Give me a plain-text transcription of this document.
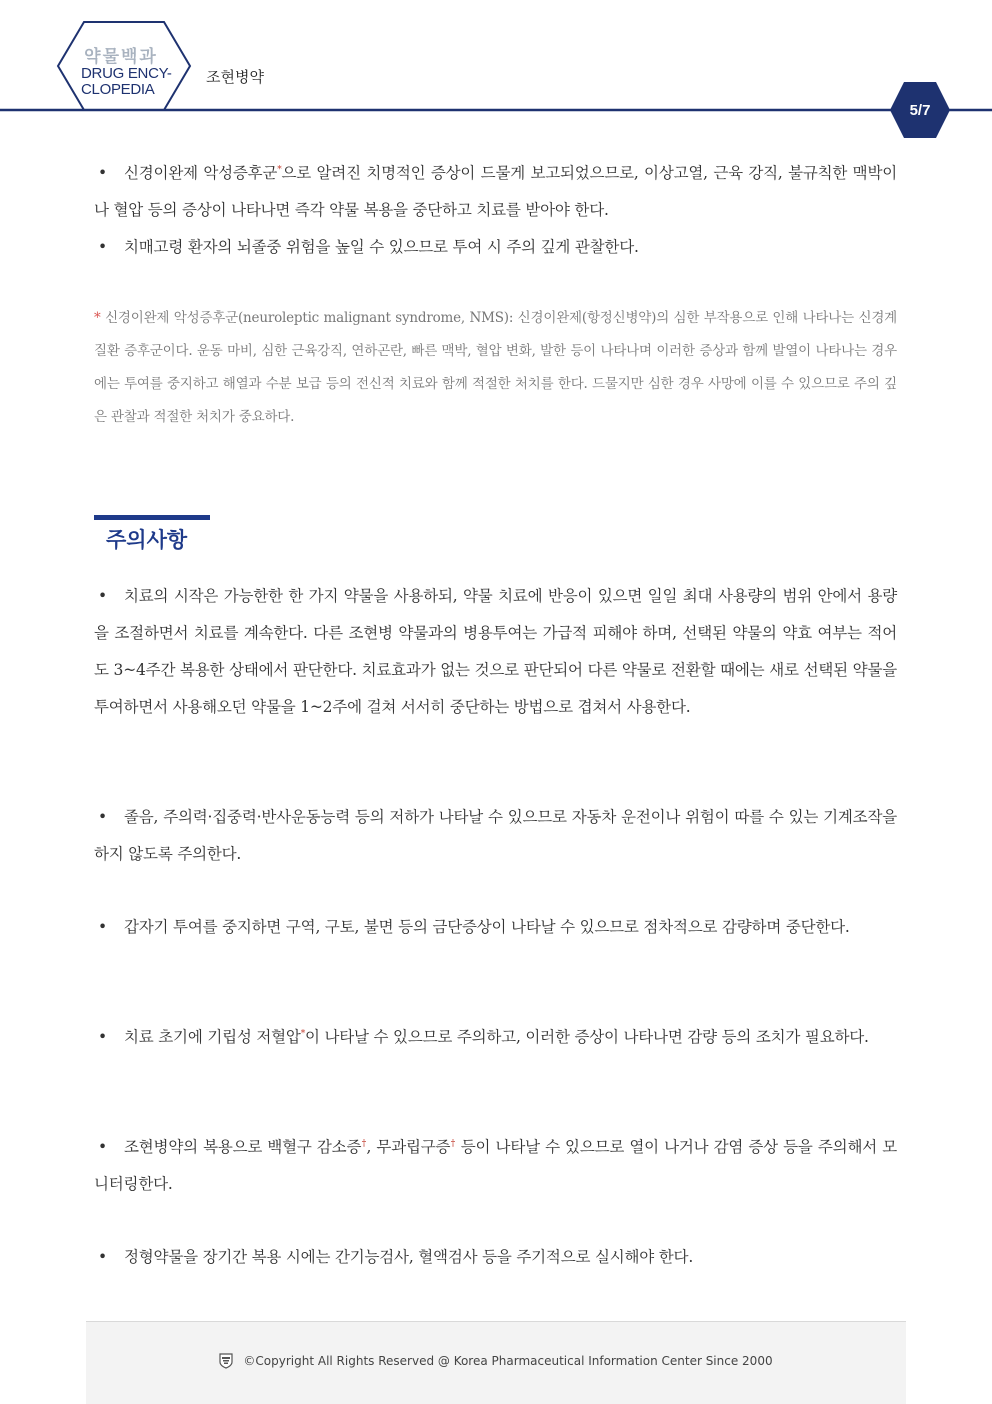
약물백과
DRUG ENCY-
CLOPEDIA
조현병약
5/7
• 신경이완제 악성증후군*으로 알려진 치명적인 증상이 드물게 보고되었으므로, 이상고열, 근육 강직, 불규칙한 맥박이나 혈압 등의 증상이 나타나면 즉각 약물 복용을 중단하고 치료를 받아야 한다.
• 치매고령 환자의 뇌졸중 위험을 높일 수 있으므로 투여 시 주의 깊게 관찰한다.
* 신경이완제 악성증후군(neuroleptic malignant syndrome, NMS): 신경이완제(항정신병약)의 심한 부작용으로 인해 나타나는 신경계질환 증후군이다. 운동 마비, 심한 근육강직, 연하곤란, 빠른 맥박, 혈압 변화, 발한 등이 나타나며 이러한 증상과 함께 발열이 나타나는 경우에는 투여를 중지하고 해열과 수분 보급 등의 전신적 치료와 함께 적절한 처치를 한다. 드물지만 심한 경우 사망에 이를 수 있으므로 주의 깊은 관찰과 적절한 처치가 중요하다.
주의사항
• 치료의 시작은 가능한한 한 가지 약물을 사용하되, 약물 치료에 반응이 있으면 일일 최대 사용량의 범위 안에서 용량을 조절하면서 치료를 계속한다. 다른 조현병 약물과의 병용투여는 가급적 피해야 하며, 선택된 약물의 약효 여부는 적어도 3~4주간 복용한 상태에서 판단한다. 치료효과가 없는 것으로 판단되어 다른 약물로 전환할 때에는 새로 선택된 약물을 투여하면서 사용해오던 약물을 1~2주에 걸쳐 서서히 중단하는 방법으로 겹쳐서 사용한다.
• 졸음, 주의력·집중력·반사운동능력 등의 저하가 나타날 수 있으므로 자동차 운전이나 위험이 따를 수 있는 기계조작을 하지 않도록 주의한다.
• 갑자기 투여를 중지하면 구역, 구토, 불면 등의 금단증상이 나타날 수 있으므로 점차적으로 감량하며 중단한다.
• 치료 초기에 기립성 저혈압*이 나타날 수 있으므로 주의하고, 이러한 증상이 나타나면 감량 등의 조치가 필요하다.
• 조현병약의 복용으로 백혈구 감소증†, 무과립구증† 등이 나타날 수 있으므로 열이 나거나 감염 증상 등을 주의해서 모니터링한다.
• 정형약물을 장기간 복용 시에는 간기능검사, 혈액검사 등을 주기적으로 실시해야 한다.
©Copyright All Rights Reserved @ Korea Pharmaceutical Information Center Since 2000
